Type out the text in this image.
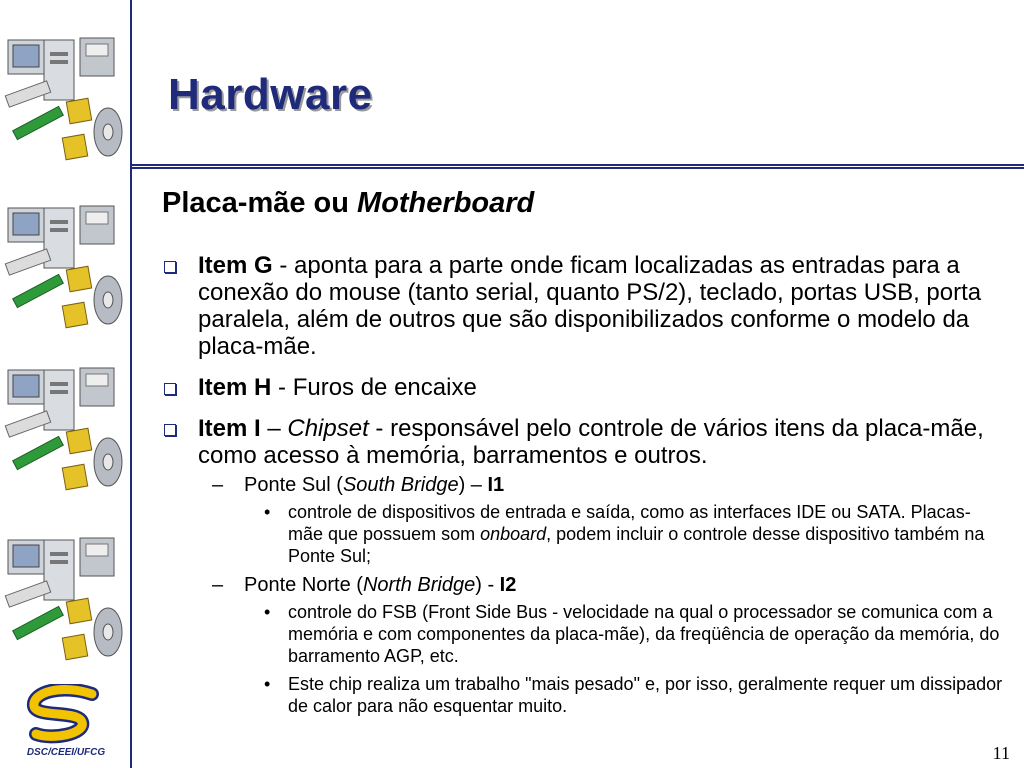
DSC/CEEI/UFCG
Hardware
Placa-mãe ou Motherboard
Item G - aponta para a parte onde ficam localizadas as entradas para a conexão do mouse (tanto serial, quanto PS/2), teclado, portas USB, porta paralela, além de outros que são disponibilizados conforme o modelo da placa-mãe.
Item H - Furos de encaixe
Item I – Chipset - responsável pelo controle de vários itens da placa-mãe, como acesso à memória, barramentos e outros.
– Ponte Sul (South Bridge) – I1
• controle de dispositivos de entrada e saída, como as interfaces IDE ou SATA. Placas-mãe que possuem som onboard, podem incluir o controle desse dispositivo também na Ponte Sul;
– Ponte Norte (North Bridge) - I2
• controle do FSB (Front Side Bus - velocidade na qual o processador se comunica com a memória e com componentes da placa-mãe), da freqüência de operação da memória, do barramento AGP, etc.
• Este chip realiza um trabalho "mais pesado" e, por isso, geralmente requer um dissipador de calor para não esquentar muito.
11
